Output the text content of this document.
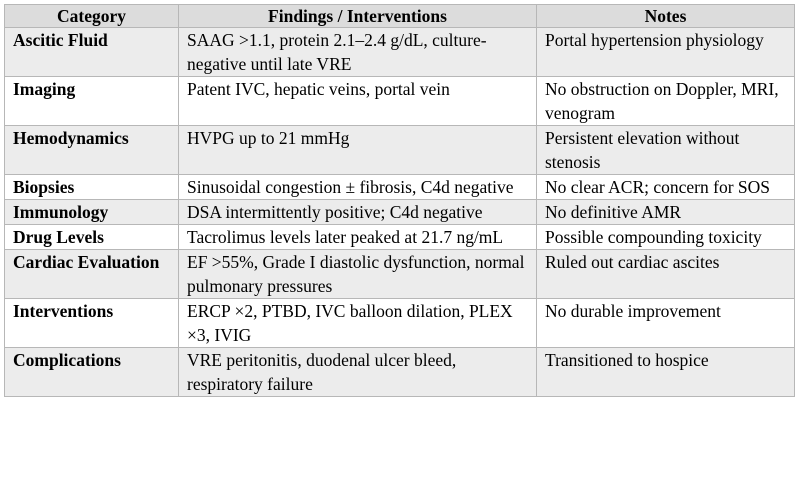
Category	Findings / Interventions	Notes
Ascitic Fluid	SAAG >1.1, protein 2.1–2.4 g/dL, culture-negative until late VRE	Portal hypertension physiology
Imaging	Patent IVC, hepatic veins, portal vein	No obstruction on Doppler, MRI, venogram
Hemodynamics	HVPG up to 21 mmHg	Persistent elevation without stenosis
Biopsies	Sinusoidal congestion ± fibrosis, C4d negative	No clear ACR; concern for SOS
Immunology	DSA intermittently positive; C4d negative	No definitive AMR
Drug Levels	Tacrolimus levels later peaked at 21.7 ng/mL	Possible compounding toxicity
Cardiac Evaluation	EF >55%, Grade I diastolic dysfunction, normal pulmonary pressures	Ruled out cardiac ascites
Interventions	ERCP ×2, PTBD, IVC balloon dilation, PLEX ×3, IVIG	No durable improvement
Complications	VRE peritonitis, duodenal ulcer bleed, respiratory failure	Transitioned to hospice
